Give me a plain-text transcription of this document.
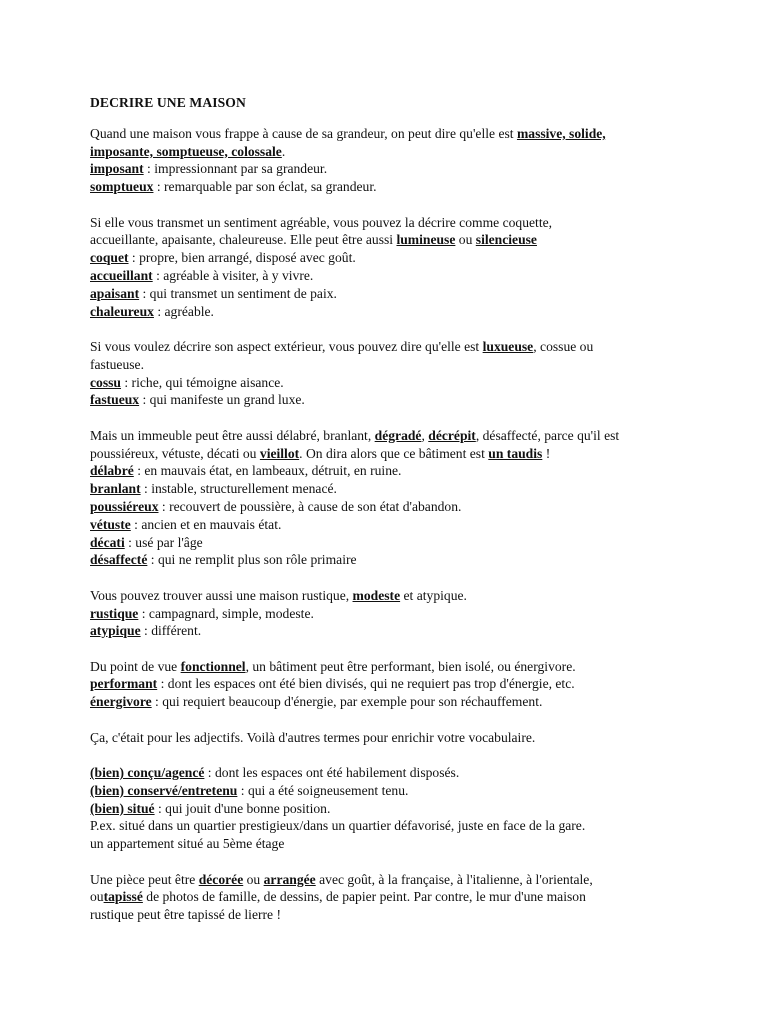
DECRIRE UNE MAISON

Quand une maison vous frappe à cause de sa grandeur, on peut dire qu'elle est massive, solide,
imposante, somptueuse, colossale.
imposant : impressionnant par sa grandeur.
somptueux : remarquable par son éclat, sa grandeur.

Si elle vous transmet un sentiment agréable, vous pouvez la décrire comme coquette,
accueillante, apaisante, chaleureuse. Elle peut être aussi lumineuse ou silencieuse
coquet : propre, bien arrangé, disposé avec goût.
accueillant : agréable à visiter, à y vivre.
apaisant : qui transmet un sentiment de paix.
chaleureux : agréable.

Si vous voulez décrire son aspect extérieur, vous pouvez dire qu'elle est luxueuse, cossue ou
fastueuse.
cossu : riche, qui témoigne aisance.
fastueux : qui manifeste un grand luxe.

Mais un immeuble peut être aussi délabré, branlant, dégradé, décrépit, désaffecté, parce qu'il est
poussiéreux, vétuste, décati ou vieillot. On dira alors que ce bâtiment est un taudis !
délabré : en mauvais état, en lambeaux, détruit, en ruine.
branlant : instable, structurellement menacé.
poussiéreux : recouvert de poussière, à cause de son état d'abandon.
vétuste : ancien et en mauvais état.
décati : usé par l'âge
désaffecté : qui ne remplit plus son rôle primaire

Vous pouvez trouver aussi une maison rustique, modeste et atypique.
rustique : campagnard, simple, modeste.
atypique : différent.

Du point de vue fonctionnel, un bâtiment peut être performant, bien isolé, ou énergivore.
performant : dont les espaces ont été bien divisés, qui ne requiert pas trop d'énergie, etc.
énergivore : qui requiert beaucoup d'énergie, par exemple pour son réchauffement.

Ça, c'était pour les adjectifs. Voilà d'autres termes pour enrichir votre vocabulaire.

(bien) conçu/agencé : dont les espaces ont été habilement disposés.
(bien) conservé/entretenu : qui a été soigneusement tenu.
(bien) situé : qui jouit d'une bonne position.
P.ex. situé dans un quartier prestigieux/dans un quartier défavorisé, juste en face de la gare.
un appartement situé au 5ème étage

Une pièce peut être décorée ou arrangée avec goût, à la française, à l'italienne, à l'orientale,
outapissé de photos de famille, de dessins, de papier peint. Par contre, le mur d'une maison
rustique peut être tapissé de lierre !
